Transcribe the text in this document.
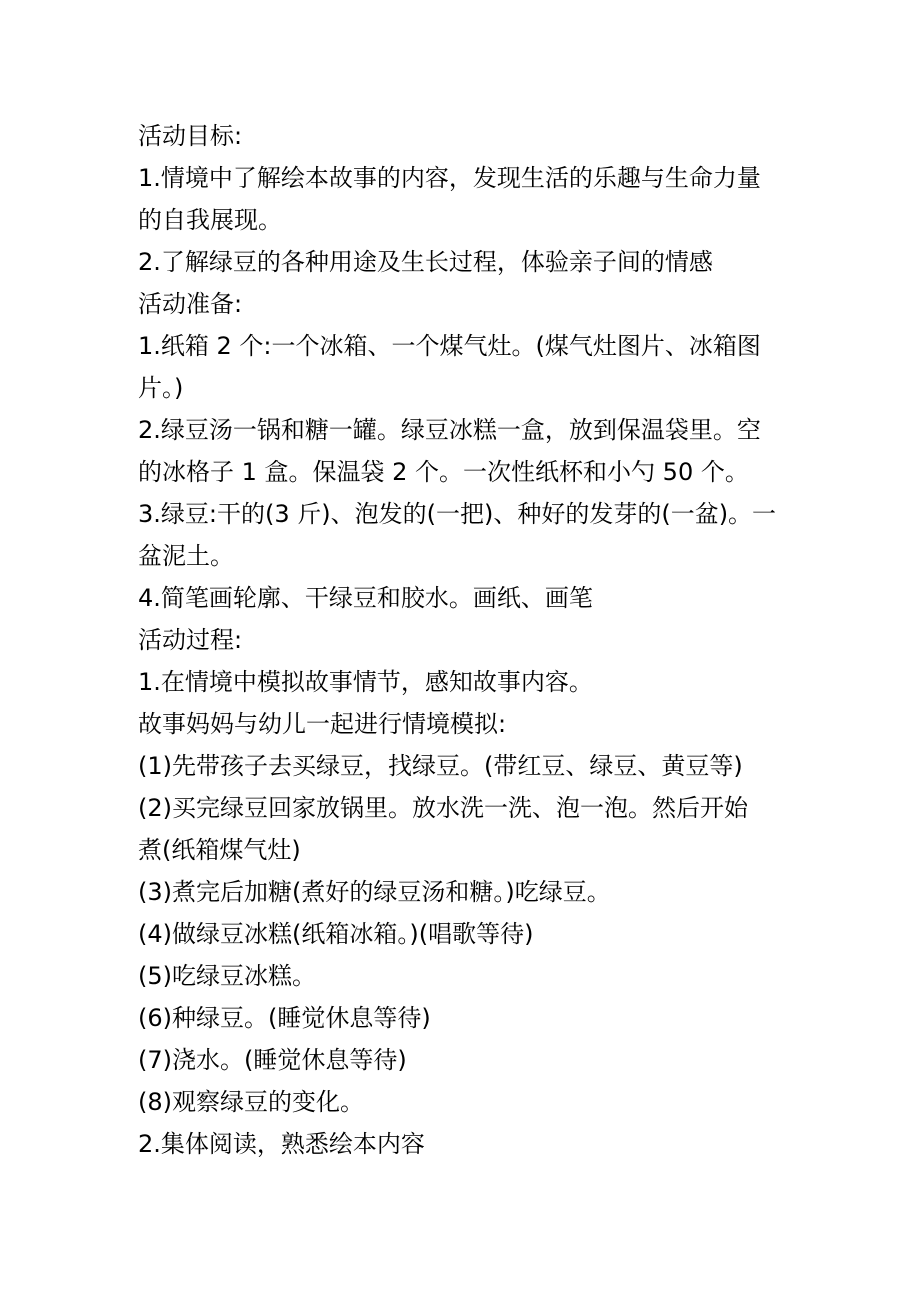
活动目标:
1.情境中了解绘本故事的内容，发现生活的乐趣与生命力量
的自我展现。
2.了解绿豆的各种用途及生长过程，体验亲子间的情感
活动准备:
1.纸箱 2 个:一个冰箱、一个煤气灶。(煤气灶图片、冰箱图
片。)
2.绿豆汤一锅和糖一罐。绿豆冰糕一盒，放到保温袋里。空
的冰格子 1 盒。保温袋 2 个。一次性纸杯和小勺 50 个。
3.绿豆:干的(3 斤)、泡发的(一把)、种好的发芽的(一盆)。一
盆泥土。
4.简笔画轮廓、干绿豆和胶水。画纸、画笔
活动过程:
1.在情境中模拟故事情节，感知故事内容。
故事妈妈与幼儿一起进行情境模拟:
(1)先带孩子去买绿豆，找绿豆。(带红豆、绿豆、黄豆等)
(2)买完绿豆回家放锅里。放水洗一洗、泡一泡。然后开始
煮(纸箱煤气灶)
(3)煮完后加糖(煮好的绿豆汤和糖。)吃绿豆。
(4)做绿豆冰糕(纸箱冰箱。)(唱歌等待)
(5)吃绿豆冰糕。
(6)种绿豆。(睡觉休息等待)
(7)浇水。(睡觉休息等待)
(8)观察绿豆的变化。
2.集体阅读，熟悉绘本内容
